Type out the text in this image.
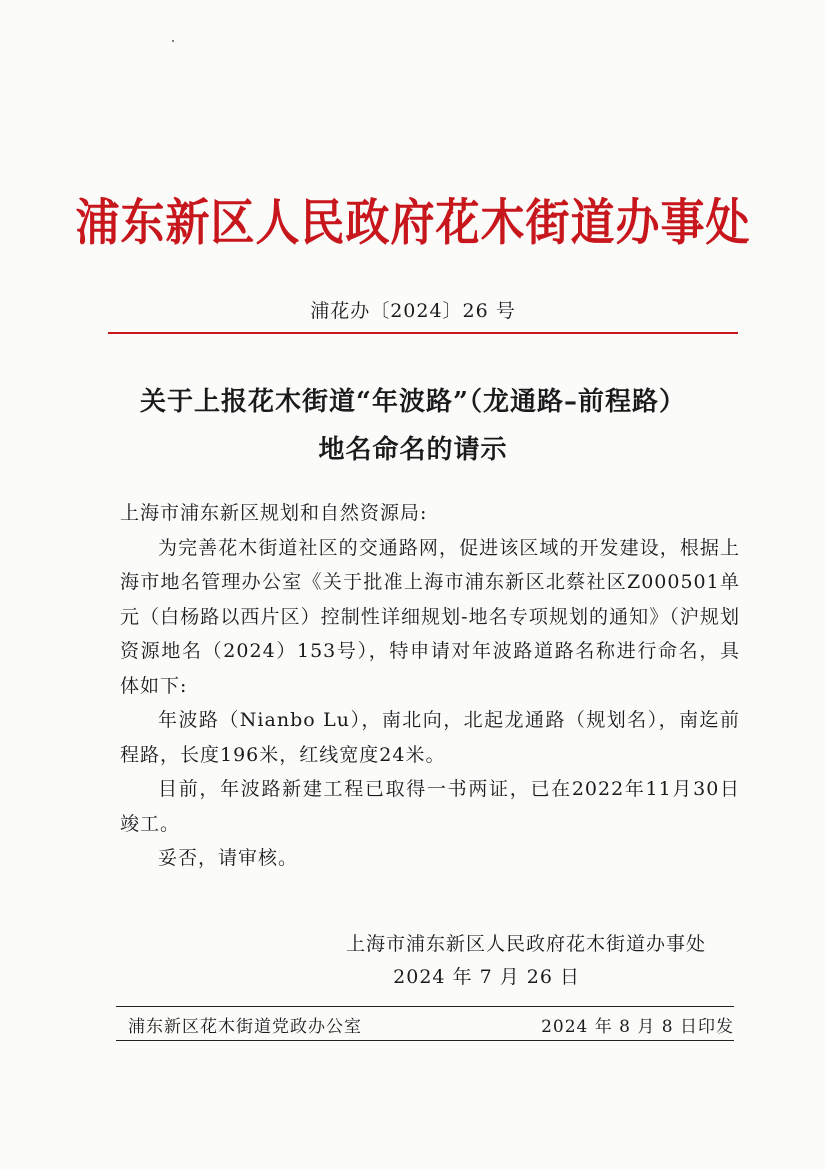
浦东新区人民政府花木街道办事处
浦花办〔2024〕26 号
关于上报花木街道“年波路”（龙通路–前程路）
地名命名的请示

上海市浦东新区规划和自然资源局:

为完善花木街道社区的交通路网，促进该区域的开发建设，根据上海市地名管理办公室《关于批准上海市浦东新区北蔡社区Z000501单元（白杨路以西片区）控制性详细规划-地名专项规划的通知》（沪规划资源地名（2024）153号），特申请对年波路道路名称进行命名，具体如下:

年波路（Nianbo Lu），南北向，北起龙通路（规划名），南迄前程路，长度196米，红线宽度24米。

目前，年波路新建工程已取得一书两证，已在2022年11月30日竣工。

妥否，请审核。

上海市浦东新区人民政府花木街道办事处
2024 年 7 月 26 日
浦东新区花木街道党政办公室	2024 年 8 月 8 日印发
